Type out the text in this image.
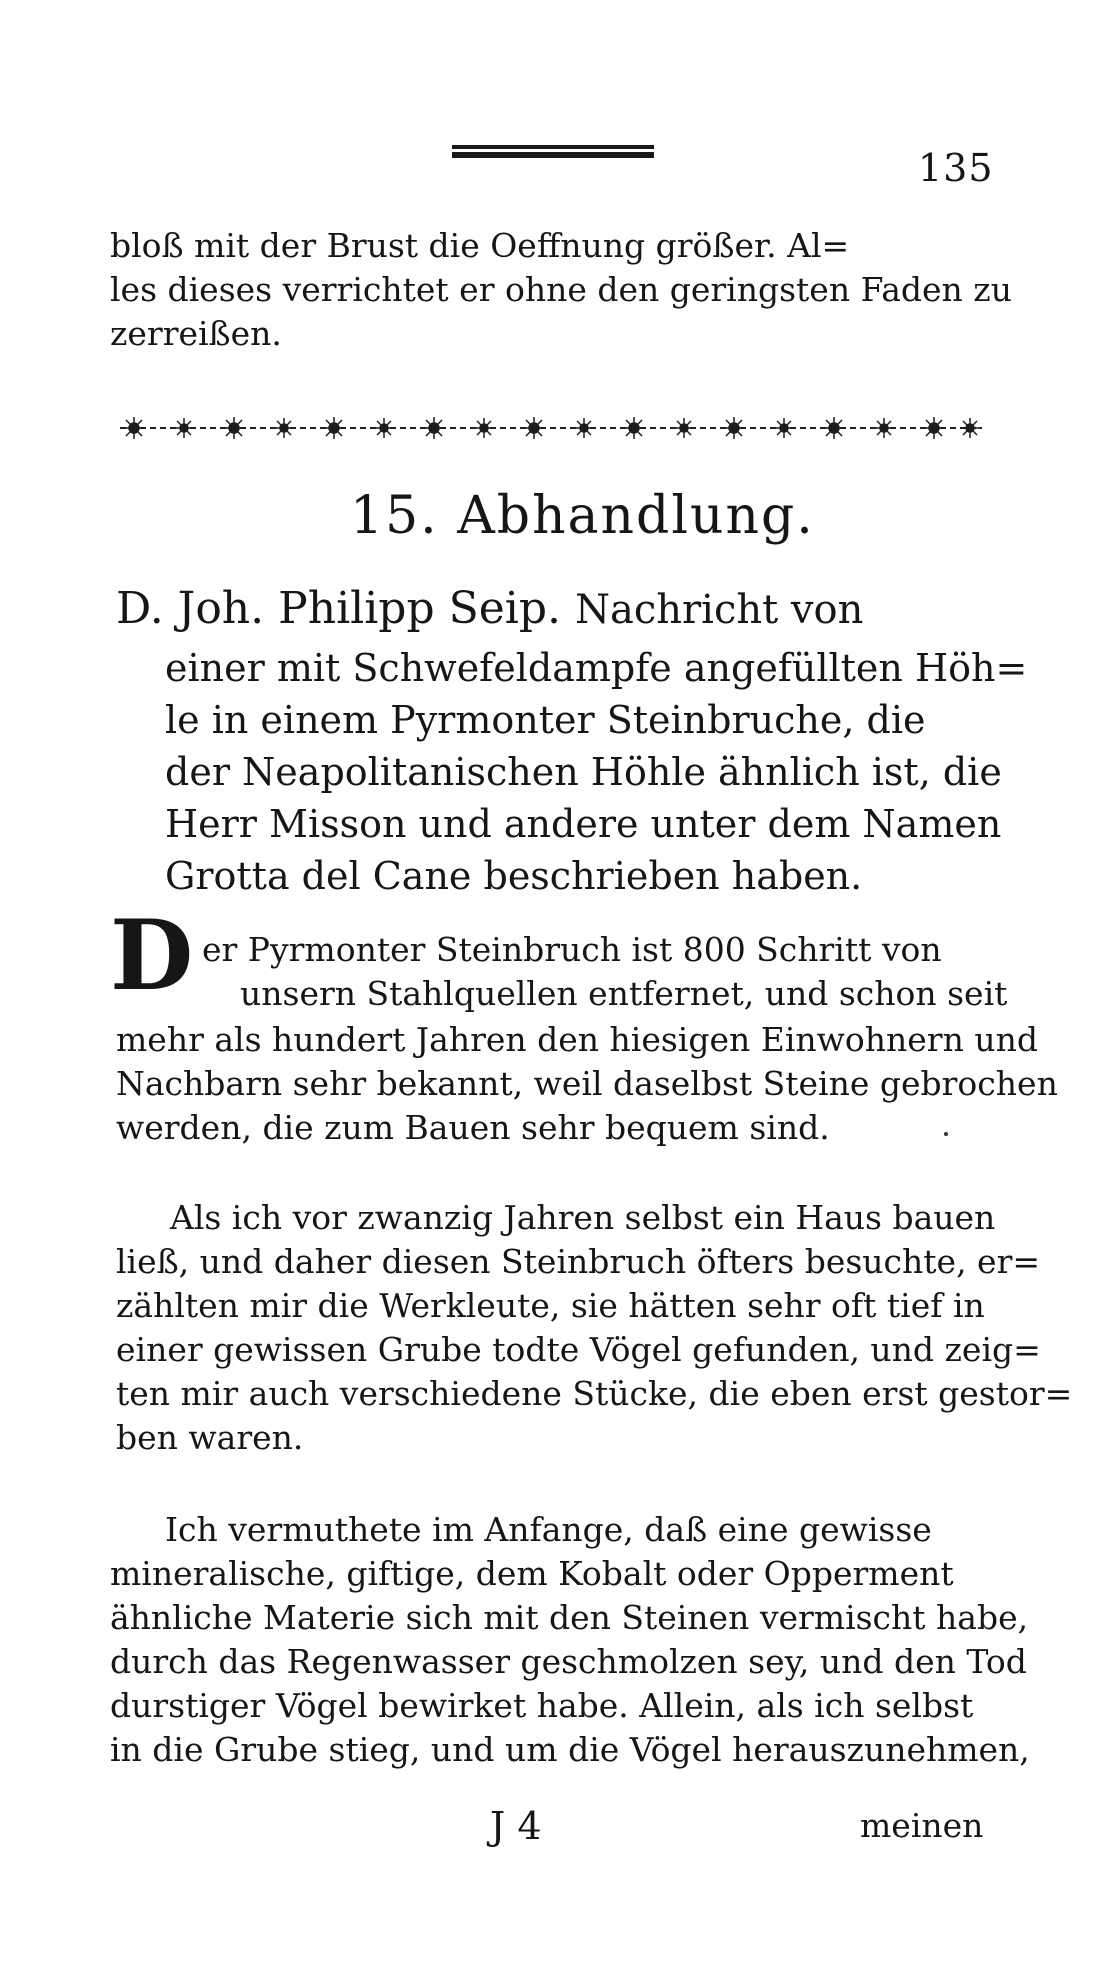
135
bloß mit der Brust die Oeffnung größer. Al=
les dieses verrichtet er ohne den geringsten Faden zu
zerreißen.
15. Abhandlung.
D. Joh. Philipp Seip. Nachricht von
einer mit Schwefeldampfe angefüllten Höh=
le in einem Pyrmonter Steinbruche, die
der Neapolitanischen Höhle ähnlich ist, die
Herr Misson und andere unter dem Namen
Grotta del Cane beschrieben haben.
D er Pyrmonter Steinbruch ist 800 Schritt von
unsern Stahlquellen entfernet, und schon seit
mehr als hundert Jahren den hiesigen Einwohnern und
Nachbarn sehr bekannt, weil daselbst Steine gebrochen
werden, die zum Bauen sehr bequem sind.
Als ich vor zwanzig Jahren selbst ein Haus bauen
ließ, und daher diesen Steinbruch öfters besuchte, er=
zählten mir die Werkleute, sie hätten sehr oft tief in
einer gewissen Grube todte Vögel gefunden, und zeig=
ten mir auch verschiedene Stücke, die eben erst gestor=
ben waren.
Ich vermuthete im Anfange, daß eine gewisse
mineralische, giftige, dem Kobalt oder Opperment
ähnliche Materie sich mit den Steinen vermischt habe,
durch das Regenwasser geschmolzen sey, und den Tod
durstiger Vögel bewirket habe. Allein, als ich selbst
in die Grube stieg, und um die Vögel herauszunehmen,
J 4	meinen
